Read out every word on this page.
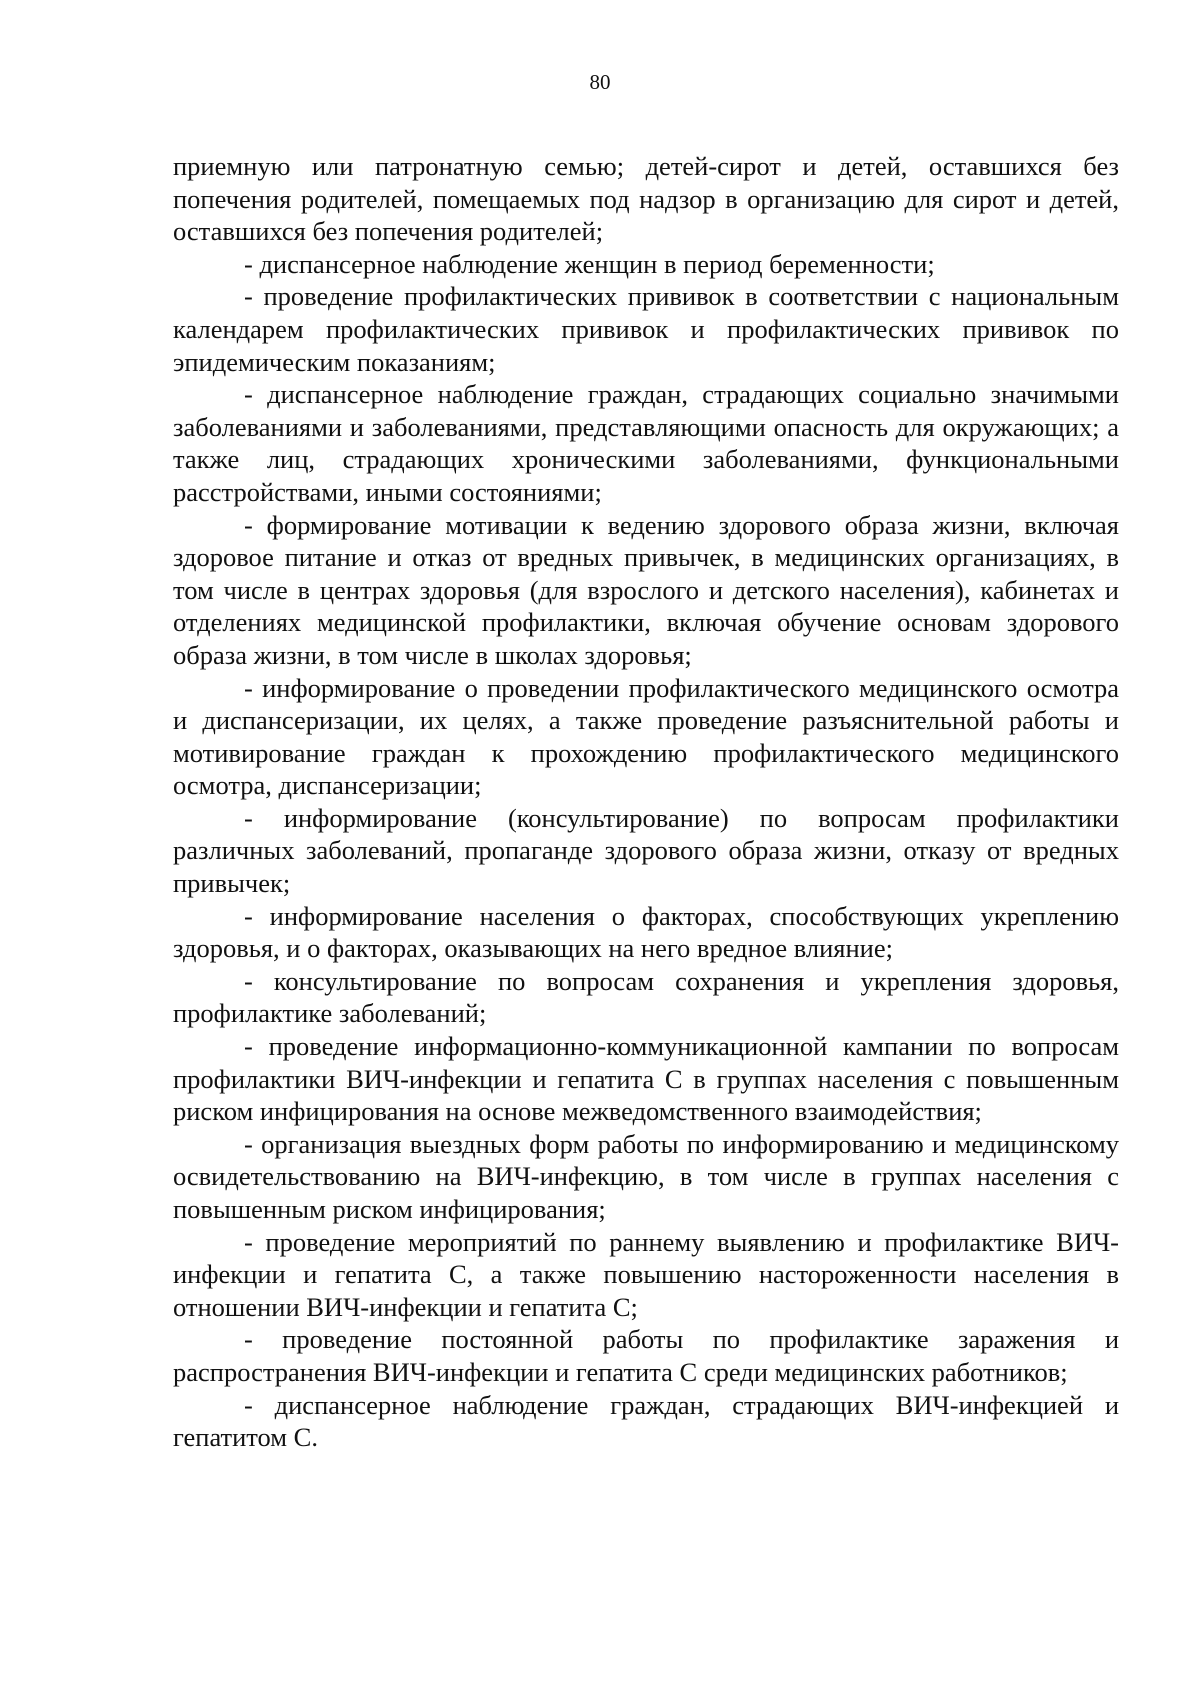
80

приемную или патронатную семью; детей-сирот и детей, оставшихся без попечения родителей, помещаемых под надзор в организацию для сирот и детей, оставшихся без попечения родителей;

- диспансерное наблюдение женщин в период беременности;

- проведение профилактических прививок в соответствии с национальным календарем профилактических прививок и профилактических прививок по эпидемическим показаниям;

- диспансерное наблюдение граждан, страдающих социально значимыми заболеваниями и заболеваниями, представляющими опасность для окружающих; а также лиц, страдающих хроническими заболеваниями, функциональными расстройствами, иными состояниями;

- формирование мотивации к ведению здорового образа жизни, включая здоровое питание и отказ от вредных привычек, в медицинских организациях, в том числе в центрах здоровья (для взрослого и детского населения), кабинетах и отделениях медицинской профилактики, включая обучение основам здорового образа жизни, в том числе в школах здоровья;

- информирование о проведении профилактического медицинского осмотра и диспансеризации, их целях, а также проведение разъяснительной работы и мотивирование граждан к прохождению профилактического медицинского осмотра, диспансеризации;

- информирование (консультирование) по вопросам профилактики различных заболеваний, пропаганде здорового образа жизни, отказу от вредных привычек;

- информирование населения о факторах, способствующих укреплению здоровья, и о факторах, оказывающих на него вредное влияние;

- консультирование по вопросам сохранения и укрепления здоровья, профилактике заболеваний;

- проведение информационно-коммуникационной кампании по вопросам профилактики ВИЧ-инфекции и гепатита С в группах населения с повышенным риском инфицирования на основе межведомственного взаимодействия;

- организация выездных форм работы по информированию и медицинскому освидетельствованию на ВИЧ-инфекцию, в том числе в группах населения с повышенным риском инфицирования;

- проведение мероприятий по раннему выявлению и профилактике ВИЧ-инфекции и гепатита С, а также повышению настороженности населения в отношении ВИЧ-инфекции и гепатита С;

- проведение постоянной работы по профилактике заражения и распространения ВИЧ-инфекции и гепатита С среди медицинских работников;

- диспансерное наблюдение граждан, страдающих ВИЧ-инфекцией и гепатитом С.
